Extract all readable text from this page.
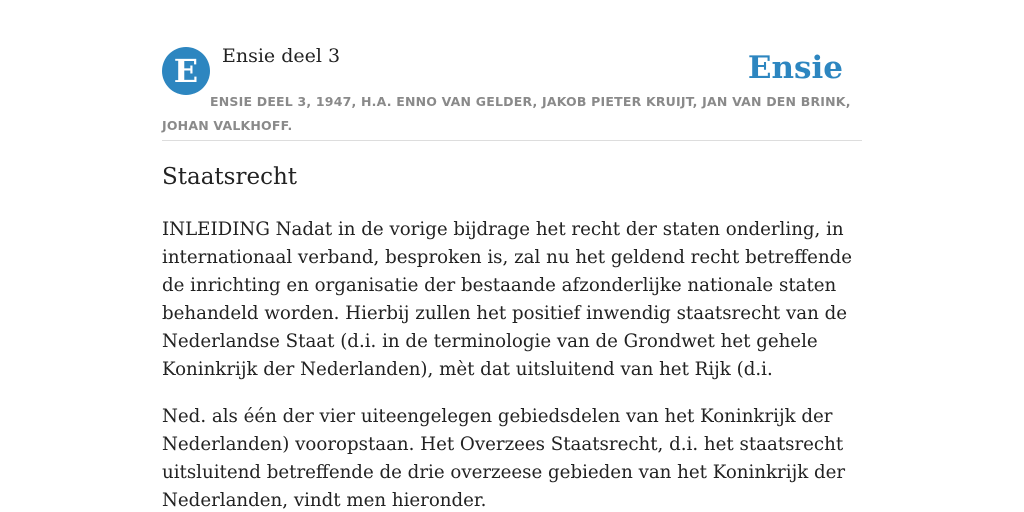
E	Ensie deel 3	Ensie
ENSIE DEEL 3, 1947, H.A. ENNO VAN GELDER, JAKOB PIETER KRUIJT, JAN VAN DEN BRINK, JOHAN VALKHOFF.
Staatsrecht

INLEIDING Nadat in de vorige bijdrage het recht der staten onderling, in internationaal verband, besproken is, zal nu het geldend recht betreffende de inrichting en organisatie der bestaande afzonderlijke nationale staten behandeld worden. Hierbij zullen het positief inwendig staatsrecht van de Nederlandse Staat (d.i. in de terminologie van de Grondwet het gehele Koninkrijk der Nederlanden), mèt dat uitsluitend van het Rijk (d.i.

Ned. als één der vier uiteengelegen gebiedsdelen van het Koninkrijk der Nederlanden) vooropstaan. Het Overzees Staatsrecht, d.i. het staatsrecht uitsluitend betreffende de drie overzeese gebieden van het Koninkrijk der Nederlanden, vindt men hieronder.
